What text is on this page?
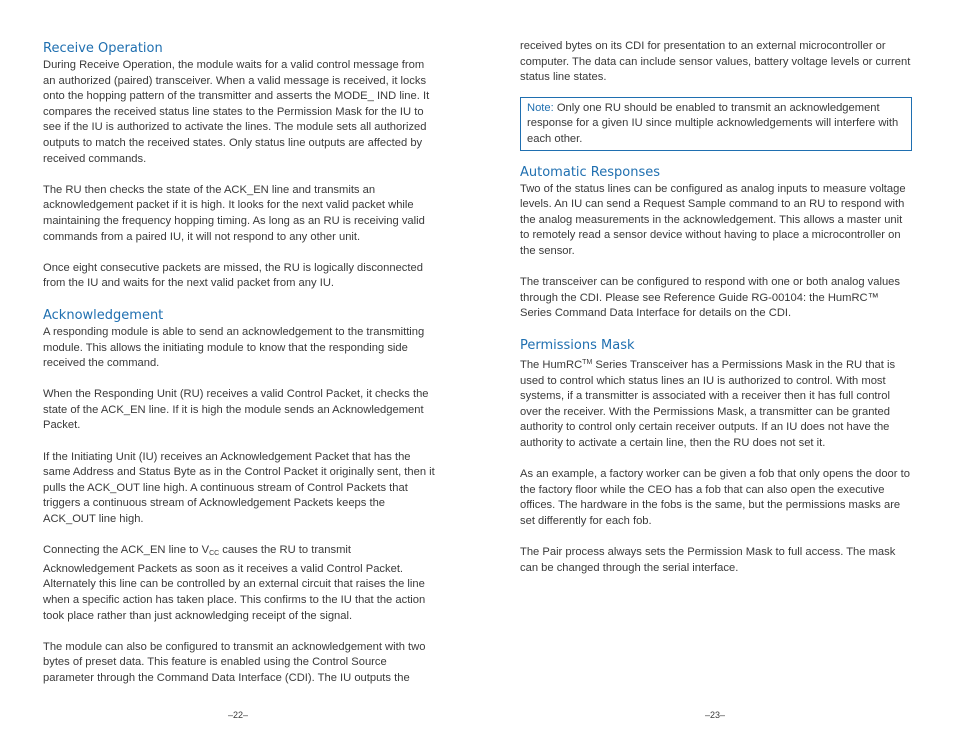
Receive Operation

During Receive Operation, the module waits for a valid control message from an authorized (paired) transceiver. When a valid message is received, it locks onto the hopping pattern of the transmitter and asserts the MODE_ IND line. It compares the received status line states to the Permission Mask for the IU to see if the IU is authorized to activate the lines. The module sets all authorized outputs to match the received states. Only status line outputs are affected by received commands.

The RU then checks the state of the ACK_EN line and transmits an acknowledgement packet if it is high. It looks for the next valid packet while maintaining the frequency hopping timing. As long as an RU is receiving valid commands from a paired IU, it will not respond to any other unit.

Once eight consecutive packets are missed, the RU is logically disconnected from the IU and waits for the next valid packet from any IU.

Acknowledgement

A responding module is able to send an acknowledgement to the transmitting module. This allows the initiating module to know that the responding side received the command.

When the Responding Unit (RU) receives a valid Control Packet, it checks the state of the ACK_EN line. If it is high the module sends an Acknowledgement Packet.

If the Initiating Unit (IU) receives an Acknowledgement Packet that has the same Address and Status Byte as in the Control Packet it originally sent, then it pulls the ACK_OUT line high. A continuous stream of Control Packets that triggers a continuous stream of Acknowledgement Packets keeps the ACK_OUT line high.

Connecting the ACK_EN line to $V_{CC}$ causes the RU to transmit Acknowledgement Packets as soon as it receives a valid Control Packet. Alternately this line can be controlled by an external circuit that raises the line when a specific action has taken place. This confirms to the IU that the action took place rather than just acknowledging receipt of the signal.

The module can also be configured to transmit an acknowledgement with two bytes of preset data. This feature is enabled using the Control Source parameter through the Command Data Interface (CDI). The IU outputs the

–22–

received bytes on its CDI for presentation to an external microcontroller or computer. The data can include sensor values, battery voltage levels or current status line states.

Note: Only one RU should be enabled to transmit an acknowledgement response for a given IU since multiple acknowledgements will interfere with each other.

Automatic Responses

Two of the status lines can be configured as analog inputs to measure voltage levels. An IU can send a Request Sample command to an RU to respond with the analog measurements in the acknowledgement. This allows a master unit to remotely read a sensor device without having to place a microcontroller on the sensor.

The transceiver can be configured to respond with one or both analog values through the CDI. Please see Reference Guide RG-00104: the HumRC™ Series Command Data Interface for details on the CDI.

Permissions Mask

The HumRC™ Series Transceiver has a Permissions Mask in the RU that is used to control which status lines an IU is authorized to control. With most systems, if a transmitter is associated with a receiver then it has full control over the receiver. With the Permissions Mask, a transmitter can be granted authority to control only certain receiver outputs. If an IU does not have the authority to activate a certain line, then the RU does not set it.

As an example, a factory worker can be given a fob that only opens the door to the factory floor while the CEO has a fob that can also open the executive offices. The hardware in the fobs is the same, but the permissions masks are set differently for each fob.

The Pair process always sets the Permission Mask to full access. The mask can be changed through the serial interface.

–23–
